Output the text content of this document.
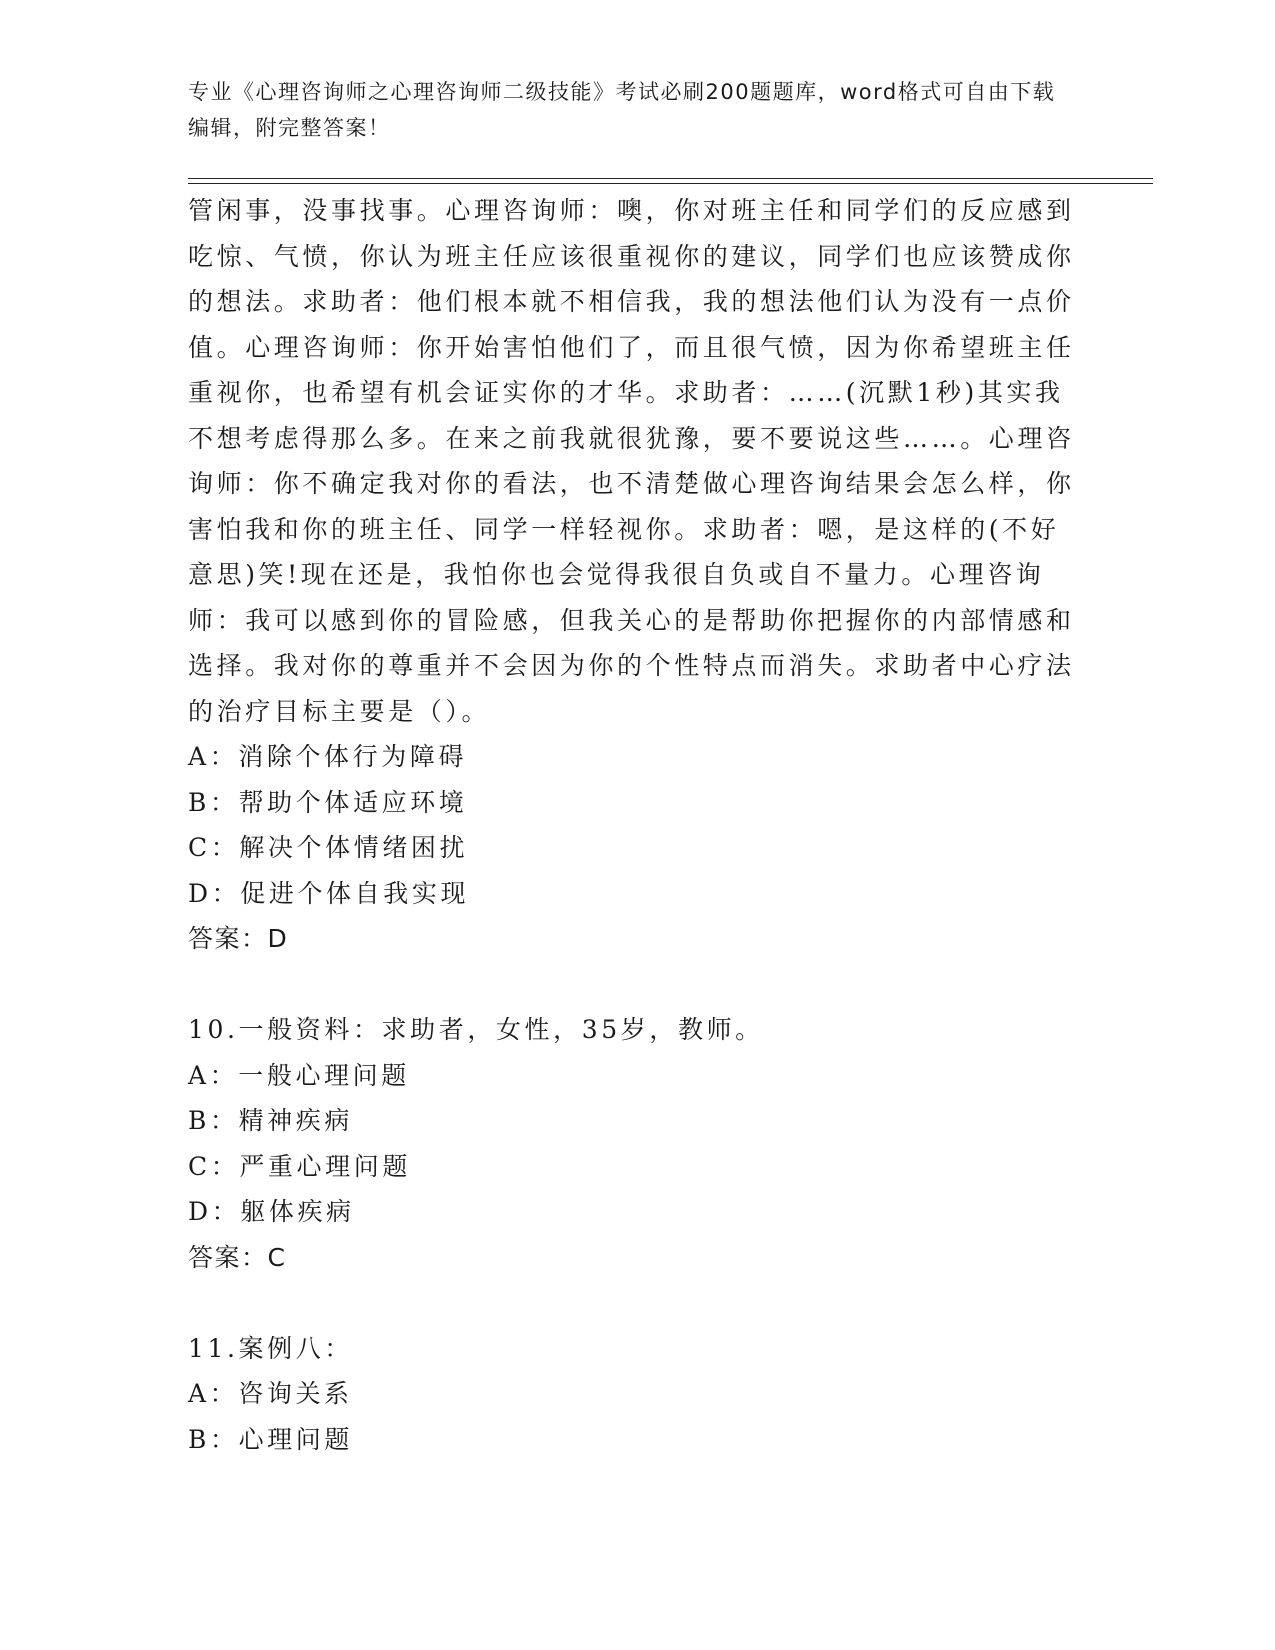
专业《心理咨询师之心理咨询师二级技能》考试必刷200题题库，word格式可自由下载编辑，附完整答案！

管闲事，没事找事。心理咨询师：噢，你对班主任和同学们的反应感到吃惊、气愤，你认为班主任应该很重视你的建议，同学们也应该赞成你的想法。求助者：他们根本就不相信我，我的想法他们认为没有一点价值。心理咨询师：你开始害怕他们了，而且很气愤，因为你希望班主任重视你，也希望有机会证实你的才华。求助者：……(沉默1秒)其实我不想考虑得那么多。在来之前我就很犹豫，要不要说这些……。心理咨询师：你不确定我对你的看法，也不清楚做心理咨询结果会怎么样，你害怕我和你的班主任、同学一样轻视你。求助者：嗯，是这样的(不好意思)笑!现在还是，我怕你也会觉得我很自负或自不量力。心理咨询师：我可以感到你的冒险感，但我关心的是帮助你把握你的内部情感和选择。我对你的尊重并不会因为你的个性特点而消失。求助者中心疗法的治疗目标主要是（）。

A：消除个体行为障碍

B：帮助个体适应环境

C：解决个体情绪困扰

D：促进个体自我实现

答案：D

10.一般资料：求助者，女性，35岁，教师。

A：一般心理问题

B：精神疾病

C：严重心理问题

D：躯体疾病

答案：C

11.案例八：

A：咨询关系

B：心理问题
